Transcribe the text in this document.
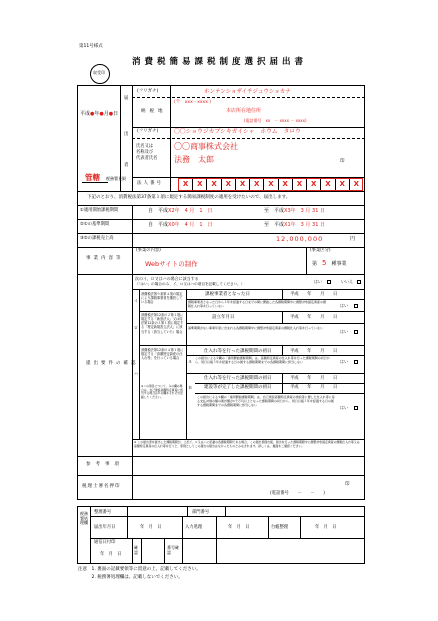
第11号様式
消費税簡易課税制度選択届出書
収受印
平成●年●月●日
管轄 税務署長殿
届
出
者
(フリガナ)
納税地
ホンテンショザイチジュウショカナ
(〒　xxx - xxxx )
本店所在地住所
(電話番号　xx　－ xxxx － xxxx)
(フリガナ)	〇〇ショウジカブシキガイシャ　ホウム　タロウ
氏名又は
名称及び
代表者氏名
〇〇商事株式会社
法務　太郎	印
法人番号	X	X	X	X	X	X	X	X	X	X	X	X	X
下記のとおり、消費税法第37条第１項に規定する簡易課税制度の適用を受けたいので、届出します。
①適用開始課税期間	自　 平成X2年　4 月　1　日	至　 平成X3年　3 月 31 日
②①の基準期間	自　 平成X0年　4 月　1　日	至　 平成X1年　3 月 31 日
③②の課税売上高	12,000,000	円
事業内容等
(事業の内容)
Webサイトの制作
(事業区分)
第　 5　 種事業
提出要件の確認
次のイ、ロ又はハの場合に該当する
（「はい」の場合のみ、イ、ロ又はハの項目を記載してください。）	はい	いいえ
イ
消費税法第９条第４項の規定により課税事業者を選択している場合
課税事業者となった日	平成　　年　　月　　日
課税事業者となった日から２年を経過する日までの間に開始した各課税期間中に調整対象固定資産の課税仕入れ等を行っていない	はい
ロ
消費税法第12条の２第１項に規定する「新設法人」又は同法第12条の３第１項に規定する「特定新規設立法人」に該当する（該当していた）場合
設立年月日	平成　　年　　月　　日
基準期間がない事業年度に含まれる各課税期間中に調整対象固定資産の課税仕入れ等を行っていない
はい
ハ
消費税法第12条の４第１項に規定する「高額特定資産の仕入れ等」を行っている場合
※ハの項目について、Ａの欄の場合は、自己建設高額特定資産に該当する場合はＢの欄をそれぞれ記載してください。
仕入れ等を行った課税期間の初日	平成　　年　　月　　日
Ａ
この届出による①欄の「適用開始課税期間」は、高額特定資産の仕入れ等を行った課税期間の初日から、同日以後３年を経過する日の属する課税期間までの各課税期間に該当しない	はい
仕入れ等を行った課税期間の初日	平成　　年　　月　　日
Ｂ	建設等が完了した課税期間の初日	平成　　年　　月　　日
この届出による①欄の「適用開始課税期間」は、自己建設高額特定資産の建設等に要した仕入れ等に係る支払対価の額の累計額が1千万円以上となった課税期間の初日から、同日以後３年を経過する日の属する課税期間までの各課税期間に該当しない
はい
※ この届出書を提出した課税期間が、上記イ、ロ又はハに記載の各課税期間である場合、この届出書提出後、届出を行った課税期間中に調整対象固定資産の課税仕入れ等又は高額特定資産の仕入れ等を行うと、原則としてこの届出の提出はなかったものとみなされます。詳しくは、裏面をご確認ください。
参考事項
税理士署名押印	印
(電話番号　　－　　－　　)
税務署処理欄
整理番号	部門番号
届出年月日	年　月　日	入力処理	年　月　日	台帳整理	年　月　日
通信日付印
年　月　日
確認
番号確認
注意　1. 裏面の記載要領等に留意の上、記載してください。
　　　2. 税務署処理欄は、記載しないでください。
